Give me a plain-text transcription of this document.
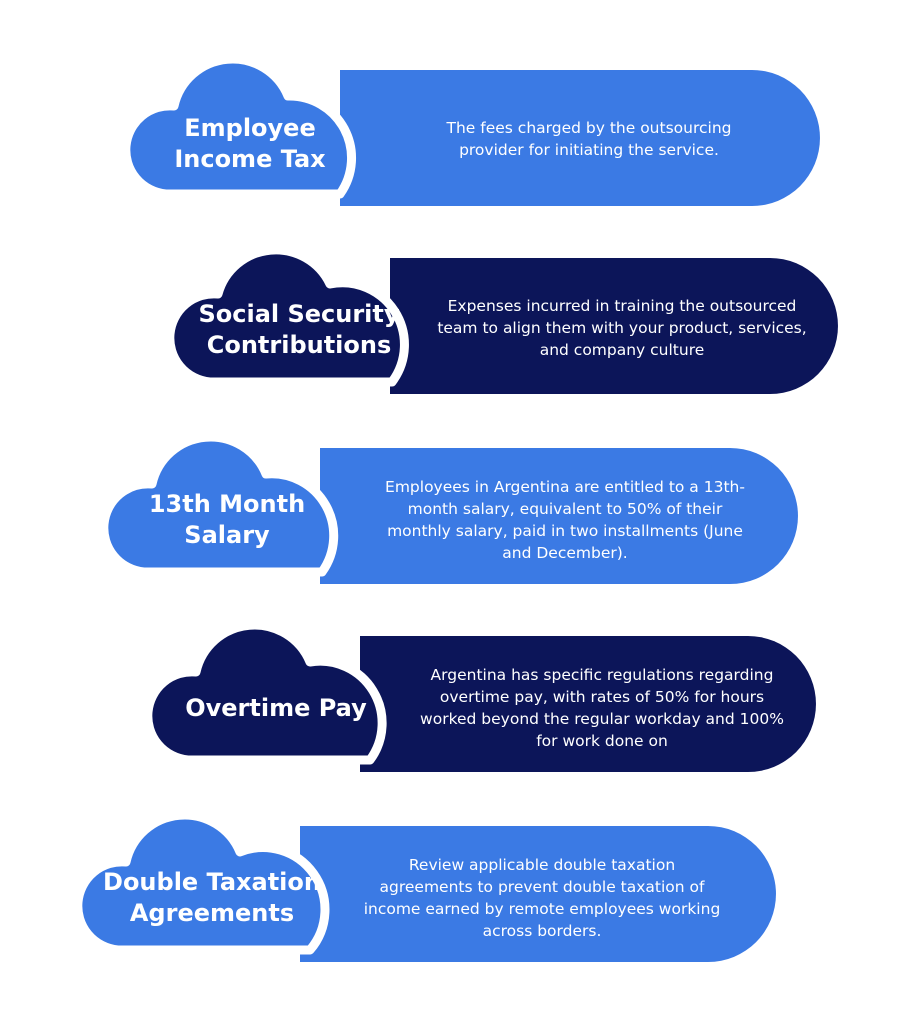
Employee
Income Tax
The fees charged by the outsourcing provider for initiating the service.
Social Security
Contributions
Expenses incurred in training the outsourced team to align them with your product, services, and company culture
13th Month
Salary
Employees in Argentina are entitled to a 13th-month salary, equivalent to 50% of their monthly salary, paid in two installments (June and December).
Overtime Pay
Argentina has specific regulations regarding overtime pay, with rates of 50% for hours worked beyond the regular workday and 100% for work done on
Double Taxation
Agreements
Review applicable double taxation agreements to prevent double taxation of income earned by remote employees working across borders.
